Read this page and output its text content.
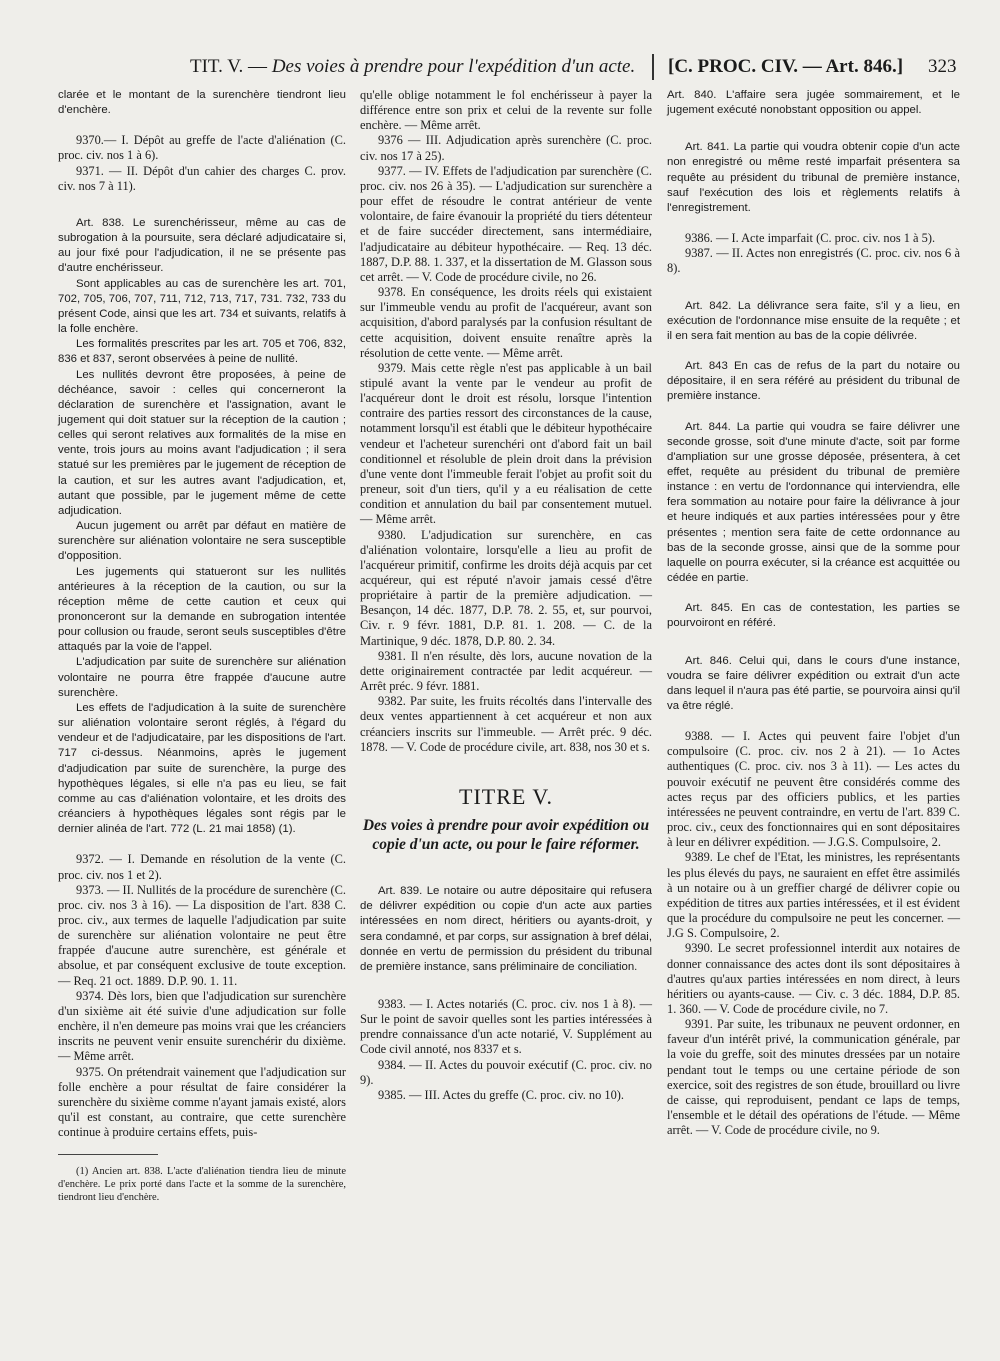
TIT. V. — Des voies à prendre pour l'expédition d'un acte. [C. PROC. CIV. — Art. 846.] 323

clarée et le montant de la surenchère tiendront lieu d'enchère.

9370.— I. Dépôt au greffe de l'acte d'aliénation (C. proc. civ. nos 1 à 6).

9371. — II. Dépôt d'un cahier des charges C. prov. civ. nos 7 à 11).

Art. 838. Le surenchérisseur, même au cas de subrogation à la poursuite, sera déclaré adjudicataire si, au jour fixé pour l'adjudication, il ne se présente pas d'autre enchérisseur.

Sont applicables au cas de surenchère les art. 701, 702, 705, 706, 707, 711, 712, 713, 717, 731. 732, 733 du présent Code, ainsi que les art. 734 et suivants, relatifs à la folle enchère.

Les formalités prescrites par les art. 705 et 706, 832, 836 et 837, seront observées à peine de nullité.

Les nullités devront être proposées, à peine de déchéance, savoir : celles qui concerneront la déclaration de surenchère et l'assignation, avant le jugement qui doit statuer sur la réception de la caution ; celles qui seront relatives aux formalités de la mise en vente, trois jours au moins avant l'adjudication ; il sera statué sur les premières par le jugement de réception de la caution, et sur les autres avant l'adjudication, et, autant que possible, par le jugement même de cette adjudication.

Aucun jugement ou arrêt par défaut en matière de surenchère sur aliénation volontaire ne sera susceptible d'opposition.

Les jugements qui statueront sur les nullités antérieures à la réception de la caution, ou sur la réception même de cette caution et ceux qui prononceront sur la demande en subrogation intentée pour collusion ou fraude, seront seuls susceptibles d'être attaqués par la voie de l'appel.

L'adjudication par suite de surenchère sur aliénation volontaire ne pourra être frappée d'aucune autre surenchère.

Les effets de l'adjudication à la suite de surenchère sur aliénation volontaire seront réglés, à l'égard du vendeur et de l'adjudicataire, par les dispositions de l'art. 717 ci-dessus. Néanmoins, après le jugement d'adjudication par suite de surenchère, la purge des hypothèques légales, si elle n'a pas eu lieu, se fait comme au cas d'aliénation volontaire, et les droits des créanciers à hypothèques légales sont régis par le dernier alinéa de l'art. 772 (L. 21 mai 1858) (1).

9372. — I. Demande en résolution de la vente (C. proc. civ. nos 1 et 2).

9373. — II. Nullités de la procédure de surenchère (C. proc. civ. nos 3 à 16). — La disposition de l'art. 838 C. proc. civ., aux termes de laquelle l'adjudication par suite de surenchère sur aliénation volontaire ne peut être frappée d'aucune autre surenchère, est générale et absolue, et par conséquent exclusive de toute exception. — Req. 21 oct. 1889. D.P. 90. 1. 11.

9374. Dès lors, bien que l'adjudication sur surenchère d'un sixième ait été suivie d'une adjudication sur folle enchère, il n'en demeure pas moins vrai que les créanciers inscrits ne peuvent venir ensuite surenchérir du dixième. — Même arrêt.

9375. On prétendrait vainement que l'adjudication sur folle enchère a pour résultat de faire considérer la surenchère du sixième comme n'ayant jamais existé, alors qu'il est constant, au contraire, que cette surenchère continue à produire certains effets, puis-

(1) Ancien art. 838. L'acte d'aliénation tiendra lieu de minute d'enchère. Le prix porté dans l'acte et la somme de la surenchère, tiendront lieu d'enchère.

qu'elle oblige notamment le fol enchérisseur à payer la différence entre son prix et celui de la revente sur folle enchère. — Même arrêt.

9376 — III. Adjudication après surenchère (C. proc. civ. nos 17 à 25).

9377. — IV. Effets de l'adjudication par surenchère (C. proc. civ. nos 26 à 35). — L'adjudication sur surenchère a pour effet de résoudre le contrat antérieur de vente volontaire, de faire évanouir la propriété du tiers détenteur et de faire succéder directement, sans intermédiaire, l'adjudicataire au débiteur hypothécaire. — Req. 13 déc. 1887, D.P. 88. 1. 337, et la dissertation de M. Glasson sous cet arrêt. — V. Code de procédure civile, no 26.

9378. En conséquence, les droits réels qui existaient sur l'immeuble vendu au profit de l'acquéreur, avant son acquisition, d'abord paralysés par la confusion résultant de cette acquisition, doivent ensuite renaître après la résolution de cette vente. — Même arrêt.

9379. Mais cette règle n'est pas applicable à un bail stipulé avant la vente par le vendeur au profit de l'acquéreur dont le droit est résolu, lorsque l'intention contraire des parties ressort des circonstances de la cause, notamment lorsqu'il est établi que le débiteur hypothécaire vendeur et l'acheteur surenchéri ont d'abord fait un bail conditionnel et résoluble de plein droit dans la prévision d'une vente dont l'immeuble ferait l'objet au profit soit du preneur, soit d'un tiers, qu'il y a eu réalisation de cette condition et annulation du bail par consentement mutuel. — Même arrêt.

9380. L'adjudication sur surenchère, en cas d'aliénation volontaire, lorsqu'elle a lieu au profit de l'acquéreur primitif, confirme les droits déjà acquis par cet acquéreur, qui est réputé n'avoir jamais cessé d'être propriétaire à partir de la première adjudication. — Besançon, 14 déc. 1877, D.P. 78. 2. 55, et, sur pourvoi, Civ. r. 9 févr. 1881, D.P. 81. 1. 208. — C. de la Martinique, 9 déc. 1878, D.P. 80. 2. 34.

9381. Il n'en résulte, dès lors, aucune novation de la dette originairement contractée par ledit acquéreur. — Arrêt préc. 9 févr. 1881.

9382. Par suite, les fruits récoltés dans l'intervalle des deux ventes appartiennent à cet acquéreur et non aux créanciers inscrits sur l'immeuble. — Arrêt préc. 9 déc. 1878. — V. Code de procédure civile, art. 838, nos 30 et s.

TITRE V.
Des voies à prendre pour avoir expédition ou copie d'un acte, ou pour le faire réformer.

Art. 839. Le notaire ou autre dépositaire qui refusera de délivrer expédition ou copie d'un acte aux parties intéressées en nom direct, héritiers ou ayants-droit, y sera condamné, et par corps, sur assignation à bref délai, donnée en vertu de permission du président du tribunal de première instance, sans préliminaire de conciliation.

9383. — I. Actes notariés (C. proc. civ. nos 1 à 8). — Sur le point de savoir quelles sont les parties intéressées à prendre connaissance d'un acte notarié, V. Supplément au Code civil annoté, nos 8337 et s.

9384. — II. Actes du pouvoir exécutif (C. proc. civ. no 9).

9385. — III. Actes du greffe (C. proc. civ. no 10).

Art. 840. L'affaire sera jugée sommairement, et le jugement exécuté nonobstant opposition ou appel.

Art. 841. La partie qui voudra obtenir copie d'un acte non enregistré ou même resté imparfait présentera sa requête au président du tribunal de première instance, sauf l'exécution des lois et règlements relatifs à l'enregistrement.

9386. — I. Acte imparfait (C. proc. civ. nos 1 à 5).

9387. — II. Actes non enregistrés (C. proc. civ. nos 6 à 8).

Art. 842. La délivrance sera faite, s'il y a lieu, en exécution de l'ordonnance mise ensuite de la requête ; et il en sera fait mention au bas de la copie délivrée.

Art. 843 En cas de refus de la part du notaire ou dépositaire, il en sera référé au président du tribunal de première instance.

Art. 844. La partie qui voudra se faire délivrer une seconde grosse, soit d'une minute d'acte, soit par forme d'ampliation sur une grosse déposée, présentera, à cet effet, requête au président du tribunal de première instance : en vertu de l'ordonnance qui interviendra, elle fera sommation au notaire pour faire la délivrance à jour et heure indiqués et aux parties intéressées pour y être présentes ; mention sera faite de cette ordonnance au bas de la seconde grosse, ainsi que de la somme pour laquelle on pourra exécuter, si la créance est acquittée ou cédée en partie.

Art. 845. En cas de contestation, les parties se pourvoiront en référé.

Art. 846. Celui qui, dans le cours d'une instance, voudra se faire délivrer expédition ou extrait d'un acte dans lequel il n'aura pas été partie, se pourvoira ainsi qu'il va être réglé.

9388. — I. Actes qui peuvent faire l'objet d'un compulsoire (C. proc. civ. nos 2 à 21). — 1o Actes authentiques (C. proc. civ. nos 3 à 11). — Les actes du pouvoir exécutif ne peuvent être considérés comme des actes reçus par des officiers publics, et les parties intéressées ne peuvent contraindre, en vertu de l'art. 839 C. proc. civ., ceux des fonctionnaires qui en sont dépositaires à leur en délivrer expédition. — J.G.S. Compulsoire, 2.

9389. Le chef de l'Etat, les ministres, les représentants les plus élevés du pays, ne sauraient en effet être assimilés à un notaire ou à un greffier chargé de délivrer copie ou expédition de titres aux parties intéressées, et il est évident que la procédure du compulsoire ne peut les concerner. — J.G S. Compulsoire, 2.

9390. Le secret professionnel interdit aux notaires de donner connaissance des actes dont ils sont dépositaires à d'autres qu'aux parties intéressées en nom direct, à leurs héritiers ou ayants-cause. — Civ. c. 3 déc. 1884, D.P. 85. 1. 360. — V. Code de procédure civile, no 7.

9391. Par suite, les tribunaux ne peuvent ordonner, en faveur d'un intérêt privé, la communication générale, par la voie du greffe, soit des minutes dressées par un notaire pendant tout le temps ou une certaine période de son exercice, soit des registres de son étude, brouillard ou livre de caisse, qui reproduisent, pendant ce laps de temps, l'ensemble et le détail des opérations de l'étude. — Même arrêt. — V. Code de procédure civile, no 9.
